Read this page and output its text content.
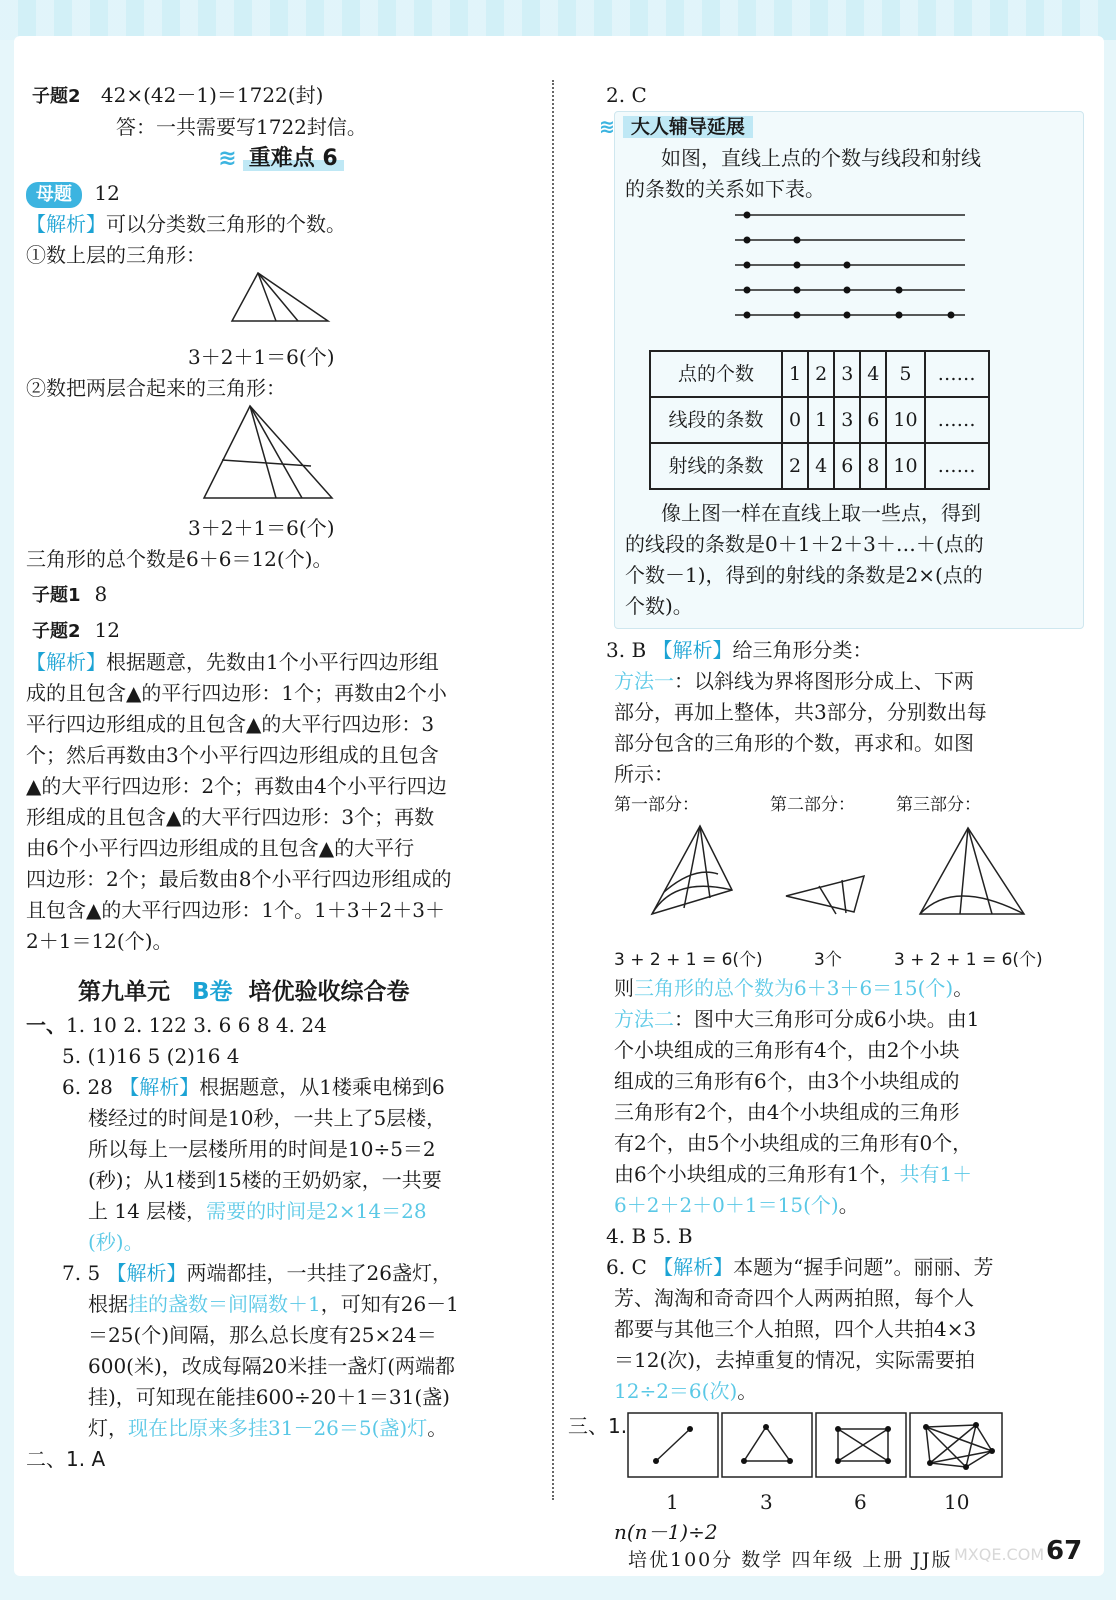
子题2 42×(42－1)＝1722(封)
答：一共需要写1722封信。
≋ 重难点 6
母题 12
【解析】可以分类数三角形的个数。
①数上层的三角形：
3＋2＋1＝6(个)
②数把两层合起来的三角形：
3＋2＋1＝6(个)
三角形的总个数是6＋6＝12(个)。
子题1 8
子题2 12
【解析】根据题意，先数由1个小平行四边形组
成的且包含▲的平行四边形：1个；再数由2个小
平行四边形组成的且包含▲的大平行四边形：3
个；然后再数由3个小平行四边形组成的且包含
▲的大平行四边形：2个；再数由4个小平行四边
形组成的且包含▲的大平行四边形：3个；再数
由6个小平行四边形组成的且包含▲的大平行
四边形：2个；最后数由8个小平行四边形组成的
且包含▲的大平行四边形：1个。1＋3＋2＋3＋
2＋1＝12(个)。
第九单元 B卷 培优验收综合卷
一、1. 10 2. 122 3. 6 6 8 4. 24
5. (1)16 5 (2)16 4
6. 28 【解析】根据题意，从1楼乘电梯到6
楼经过的时间是10秒，一共上了5层楼，
所以每上一层楼所用的时间是10÷5＝2
(秒)；从1楼到15楼的王奶奶家，一共要
上 14 层楼，需要的时间是2×14＝28
(秒)。
7. 5 【解析】两端都挂，一共挂了26盏灯，
根据挂的盏数＝间隔数＋1，可知有26－1
＝25(个)间隔，那么总长度有25×24＝
600(米)，改成每隔20米挂一盏灯(两端都
挂)，可知现在能挂600÷20＋1＝31(盏)
灯，现在比原来多挂31－26＝5(盏)灯。
二、1. A
2. C
≋ 大人辅导延展
如图，直线上点的个数与线段和射线
的条数的关系如下表。
点的个数	1	2	3	4	5	……
线段的条数	0	1	3	6	10	……
射线的条数	2	4	6	8	10	……
像上图一样在直线上取一些点，得到
的线段的条数是0＋1＋2＋3＋…＋(点的
个数－1)，得到的射线的条数是2×(点的
个数)。
3. B 【解析】给三角形分类：
方法一：以斜线为界将图形分成上、下两
部分，再加上整体，共3部分，分别数出每
部分包含的三角形的个数，再求和。如图
所示：
第一部分：	第二部分： 第三部分：
3 + 2 + 1 = 6(个)	3个	3 + 2 + 1 = 6(个)
则三角形的总个数为6＋3＋6＝15(个)。
方法二：图中大三角形可分成6小块。由1
个小块组成的三角形有4个，由2个小块
组成的三角形有6个，由3个小块组成的
三角形有2个，由4个小块组成的三角形
有2个，由5个小块组成的三角形有0个，
由6个小块组成的三角形有1个，共有1＋
6＋2＋2＋0＋1＝15(个)。
4. B 5. B
6. C 【解析】本题为“握手问题”。丽丽、芳
芳、淘淘和奇奇四个人两两拍照，每个人
都要与其他三个人拍照，四个人共拍4×3
＝12(次)，去掉重复的情况，实际需要拍
12÷2＝6(次)。
三、1.
1	3	6	10
n(n－1)÷2
培优100分 数学 四年级 上册 JJ版 MXQE.COM 67
